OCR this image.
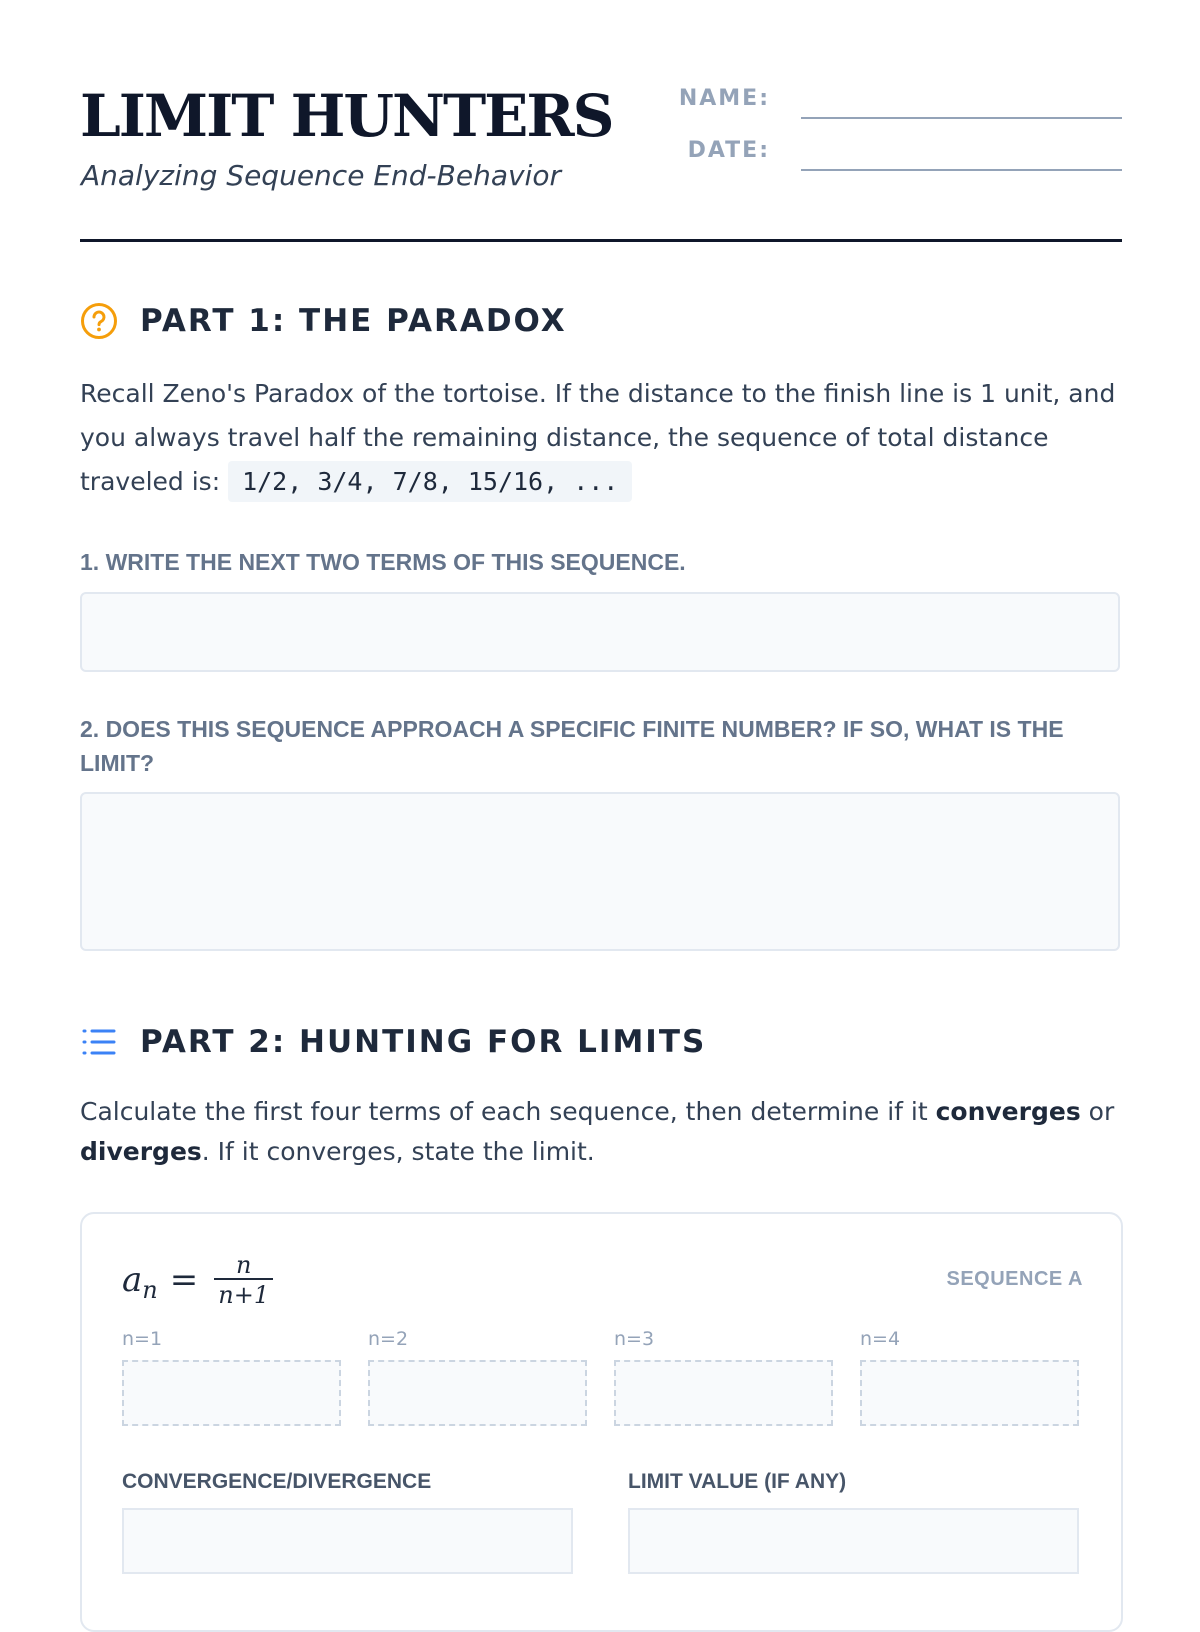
LIMIT HUNTERS

Analyzing Sequence End-Behavior

NAME:
DATE:
PART 1: THE PARADOX
Recall Zeno's Paradox of the tortoise. If the distance to the finish line is 1 unit, and you always travel half the remaining distance, the sequence of total distance traveled is: 1/2, 3/4, 7/8, 15/16, ...
1. WRITE THE NEXT TWO TERMS OF THIS SEQUENCE.
2. DOES THIS SEQUENCE APPROACH A SPECIFIC FINITE NUMBER? IF SO, WHAT IS THE LIMIT?
PART 2: HUNTING FOR LIMITS
Calculate the first four terms of each sequence, then determine if it converges or diverges. If it converges, state the limit.
a $n = \frac{n}{n+1}$	SEQUENCE A
n=1	n=2	n=3	n=4
CONVERGENCE/DIVERGENCE	LIMIT VALUE (IF ANY)
